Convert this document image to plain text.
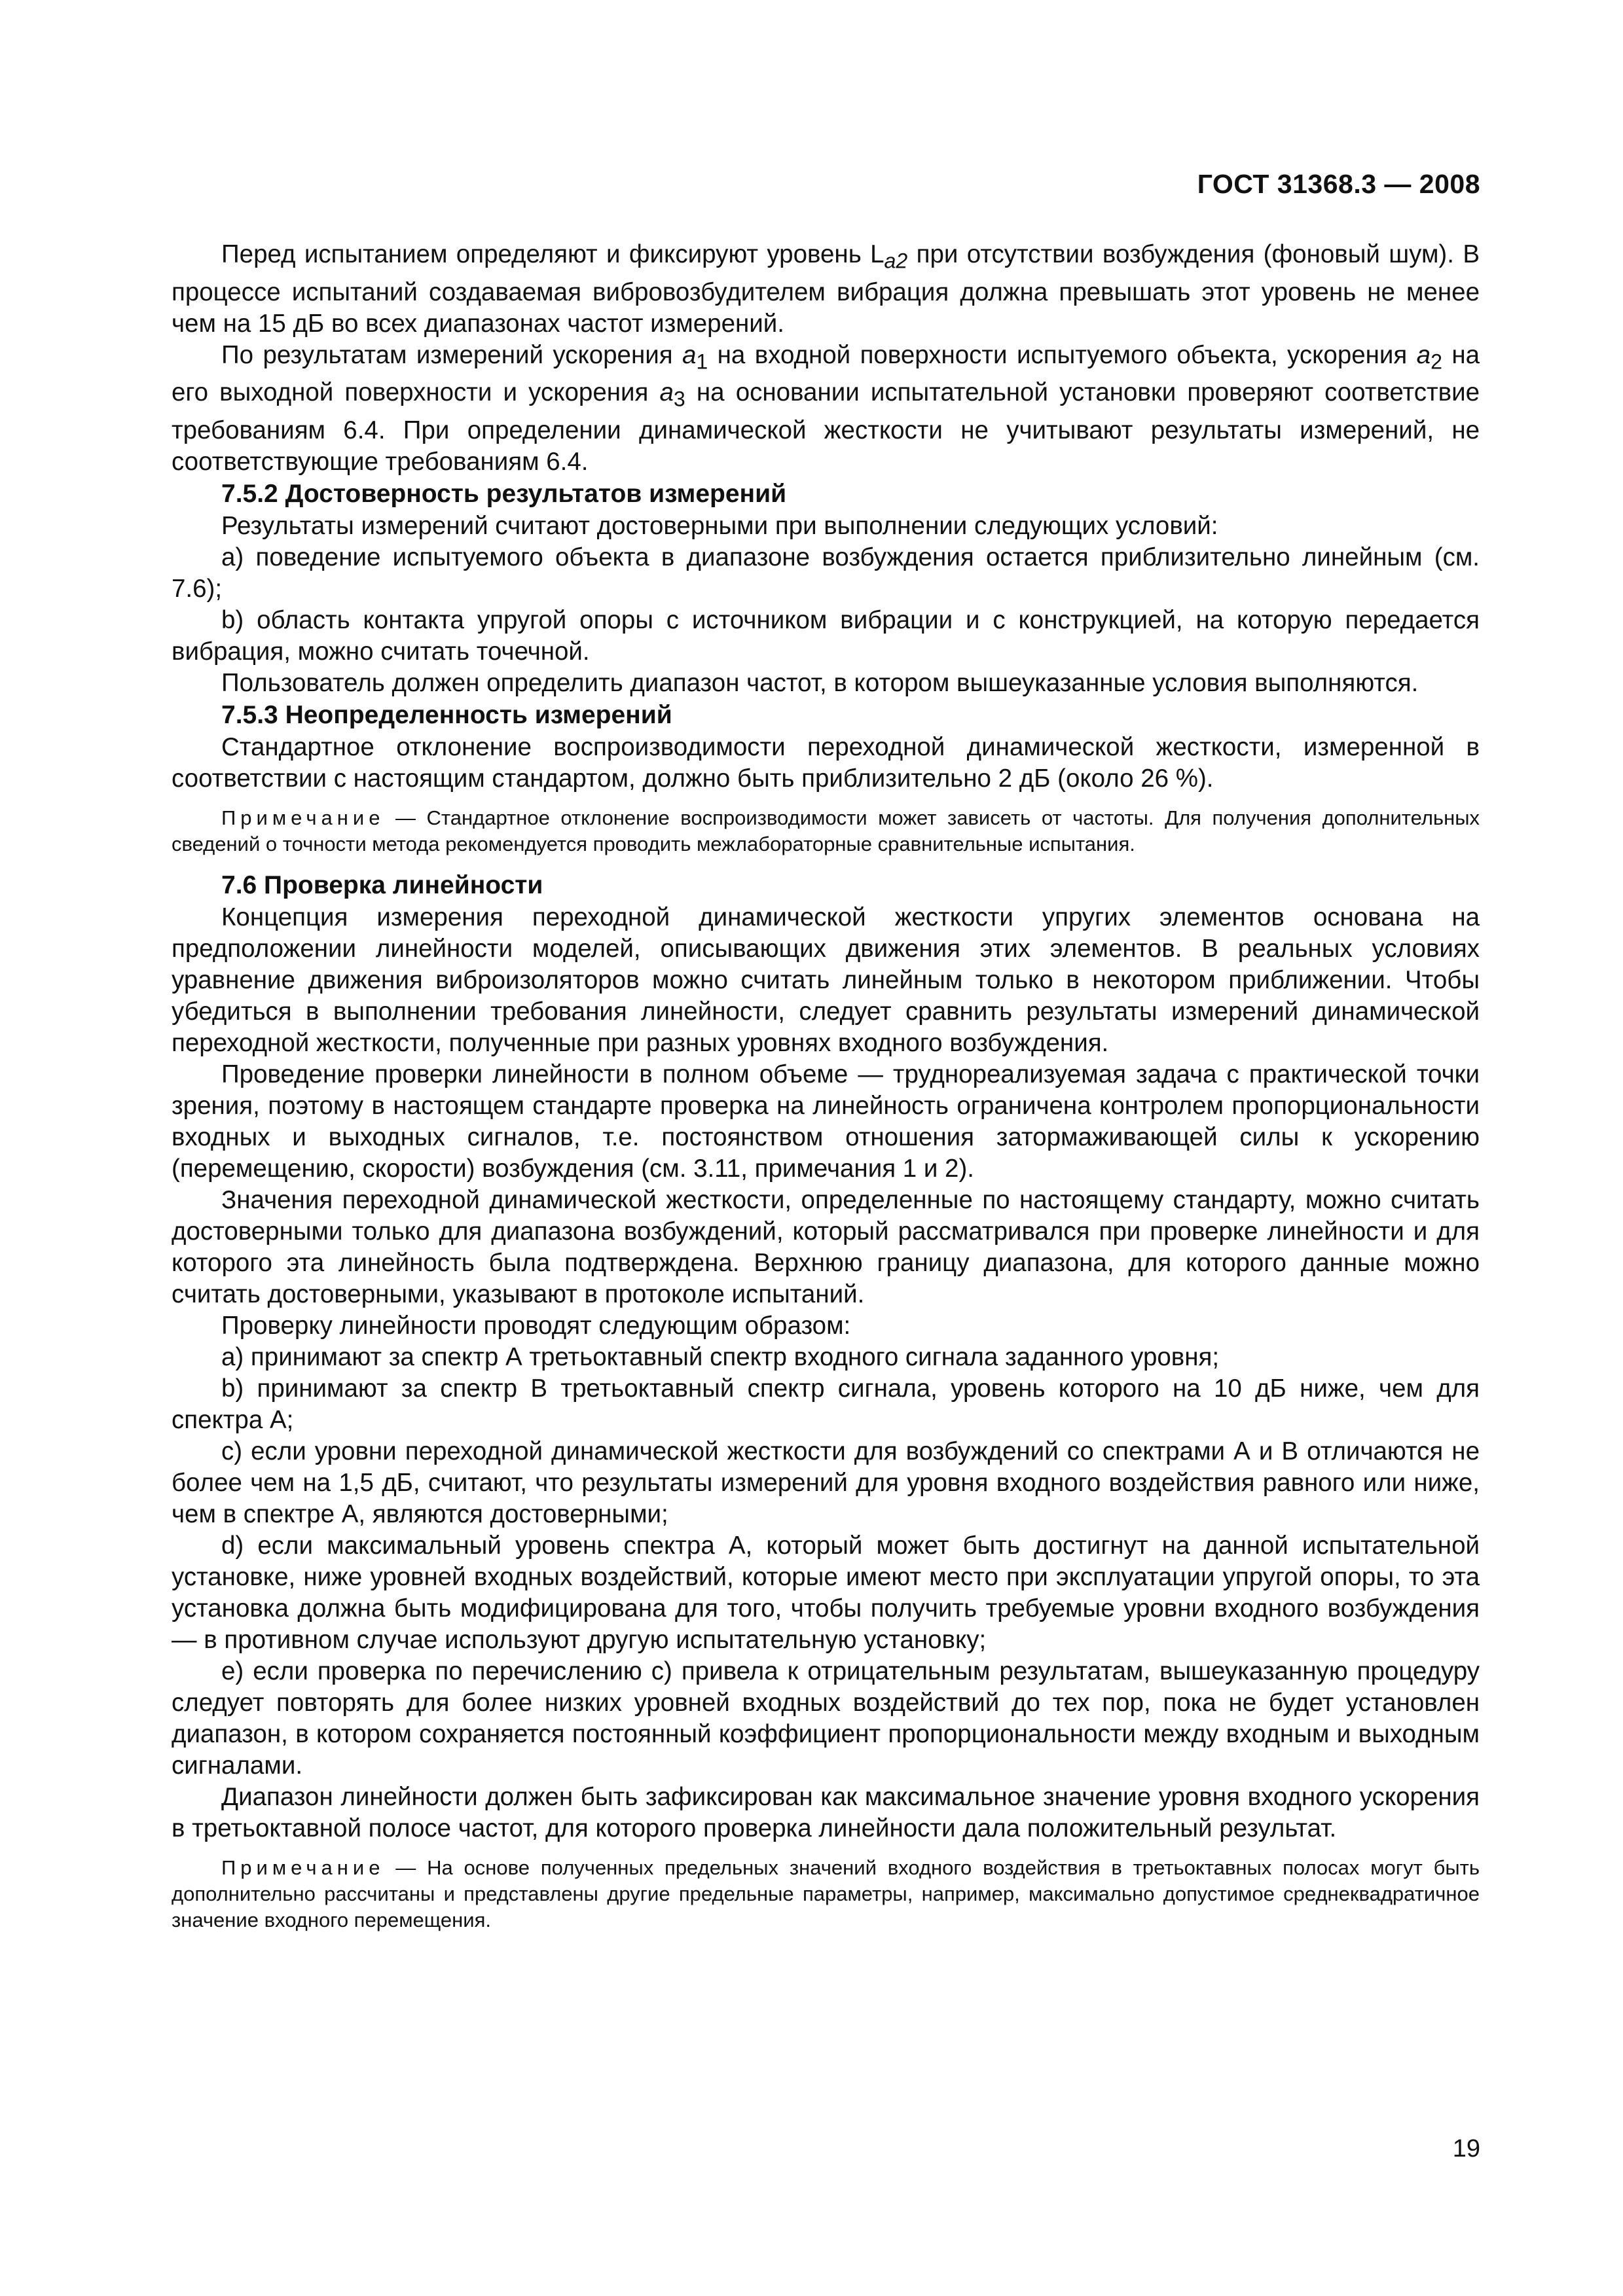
ГОСТ 31368.3 — 2008

Перед испытанием определяют и фиксируют уровень $L_{a2}$ при отсутствии возбуждения (фоновый шум). В процессе испытаний создаваемая вибровозбудителем вибрация должна превышать этот уровень не менее чем на 15 дБ во всех диапазонах частот измерений.

По результатам измерений ускорения $a_1$ на входной поверхности испытуемого объекта, ускорения $a_2$ на его выходной поверхности и ускорения $a_3$ на основании испытательной установки проверяют соответствие требованиям 6.4. При определении динамической жесткости не учитывают результаты измерений, не соответствующие требованиям 6.4.

7.5.2 Достоверность результатов измерений

Результаты измерений считают достоверными при выполнении следующих условий:

а) поведение испытуемого объекта в диапазоне возбуждения остается приблизительно линейным (см. 7.6);

b) область контакта упругой опоры с источником вибрации и с конструкцией, на которую передается вибрация, можно считать точечной.

Пользователь должен определить диапазон частот, в котором вышеуказанные условия выполняются.

7.5.3 Неопределенность измерений

Стандартное отклонение воспроизводимости переходной динамической жесткости, измеренной в соответствии с настоящим стандартом, должно быть приблизительно 2 дБ (около 26 %).

Примечание — Стандартное отклонение воспроизводимости может зависеть от частоты. Для получения дополнительных сведений о точности метода рекомендуется проводить межлабораторные сравнительные испытания.

7.6 Проверка линейности

Концепция измерения переходной динамической жесткости упругих элементов основана на предположении линейности моделей, описывающих движения этих элементов. В реальных условиях уравнение движения виброизоляторов можно считать линейным только в некотором приближении. Чтобы убедиться в выполнении требования линейности, следует сравнить результаты измерений динамической переходной жесткости, полученные при разных уровнях входного возбуждения.

Проведение проверки линейности в полном объеме — труднореализуемая задача с практической точки зрения, поэтому в настоящем стандарте проверка на линейность ограничена контролем пропорциональности входных и выходных сигналов, т.е. постоянством отношения затормаживающей силы к ускорению (перемещению, скорости) возбуждения (см. 3.11, примечания 1 и 2).

Значения переходной динамической жесткости, определенные по настоящему стандарту, можно считать достоверными только для диапазона возбуждений, который рассматривался при проверке линейности и для которого эта линейность была подтверждена. Верхнюю границу диапазона, для которого данные можно считать достоверными, указывают в протоколе испытаний.

Проверку линейности проводят следующим образом:

а) принимают за спектр А третьоктавный спектр входного сигнала заданного уровня;

b) принимают за спектр В третьоктавный спектр сигнала, уровень которого на 10 дБ ниже, чем для спектра А;

с) если уровни переходной динамической жесткости для возбуждений со спектрами А и В отличаются не более чем на 1,5 дБ, считают, что результаты измерений для уровня входного воздействия равного или ниже, чем в спектре А, являются достоверными;

d) если максимальный уровень спектра А, который может быть достигнут на данной испытательной установке, ниже уровней входных воздействий, которые имеют место при эксплуатации упругой опоры, то эта установка должна быть модифицирована для того, чтобы получить требуемые уровни входного возбуждения — в противном случае используют другую испытательную установку;

е) если проверка по перечислению с) привела к отрицательным результатам, вышеуказанную процедуру следует повторять для более низких уровней входных воздействий до тех пор, пока не будет установлен диапазон, в котором сохраняется постоянный коэффициент пропорциональности между входным и выходным сигналами.

Диапазон линейности должен быть зафиксирован как максимальное значение уровня входного ускорения в третьоктавной полосе частот, для которого проверка линейности дала положительный результат.

Примечание — На основе полученных предельных значений входного воздействия в третьоктавных полосах могут быть дополнительно рассчитаны и представлены другие предельные параметры, например, максимально допустимое среднеквадратичное значение входного перемещения.

19
